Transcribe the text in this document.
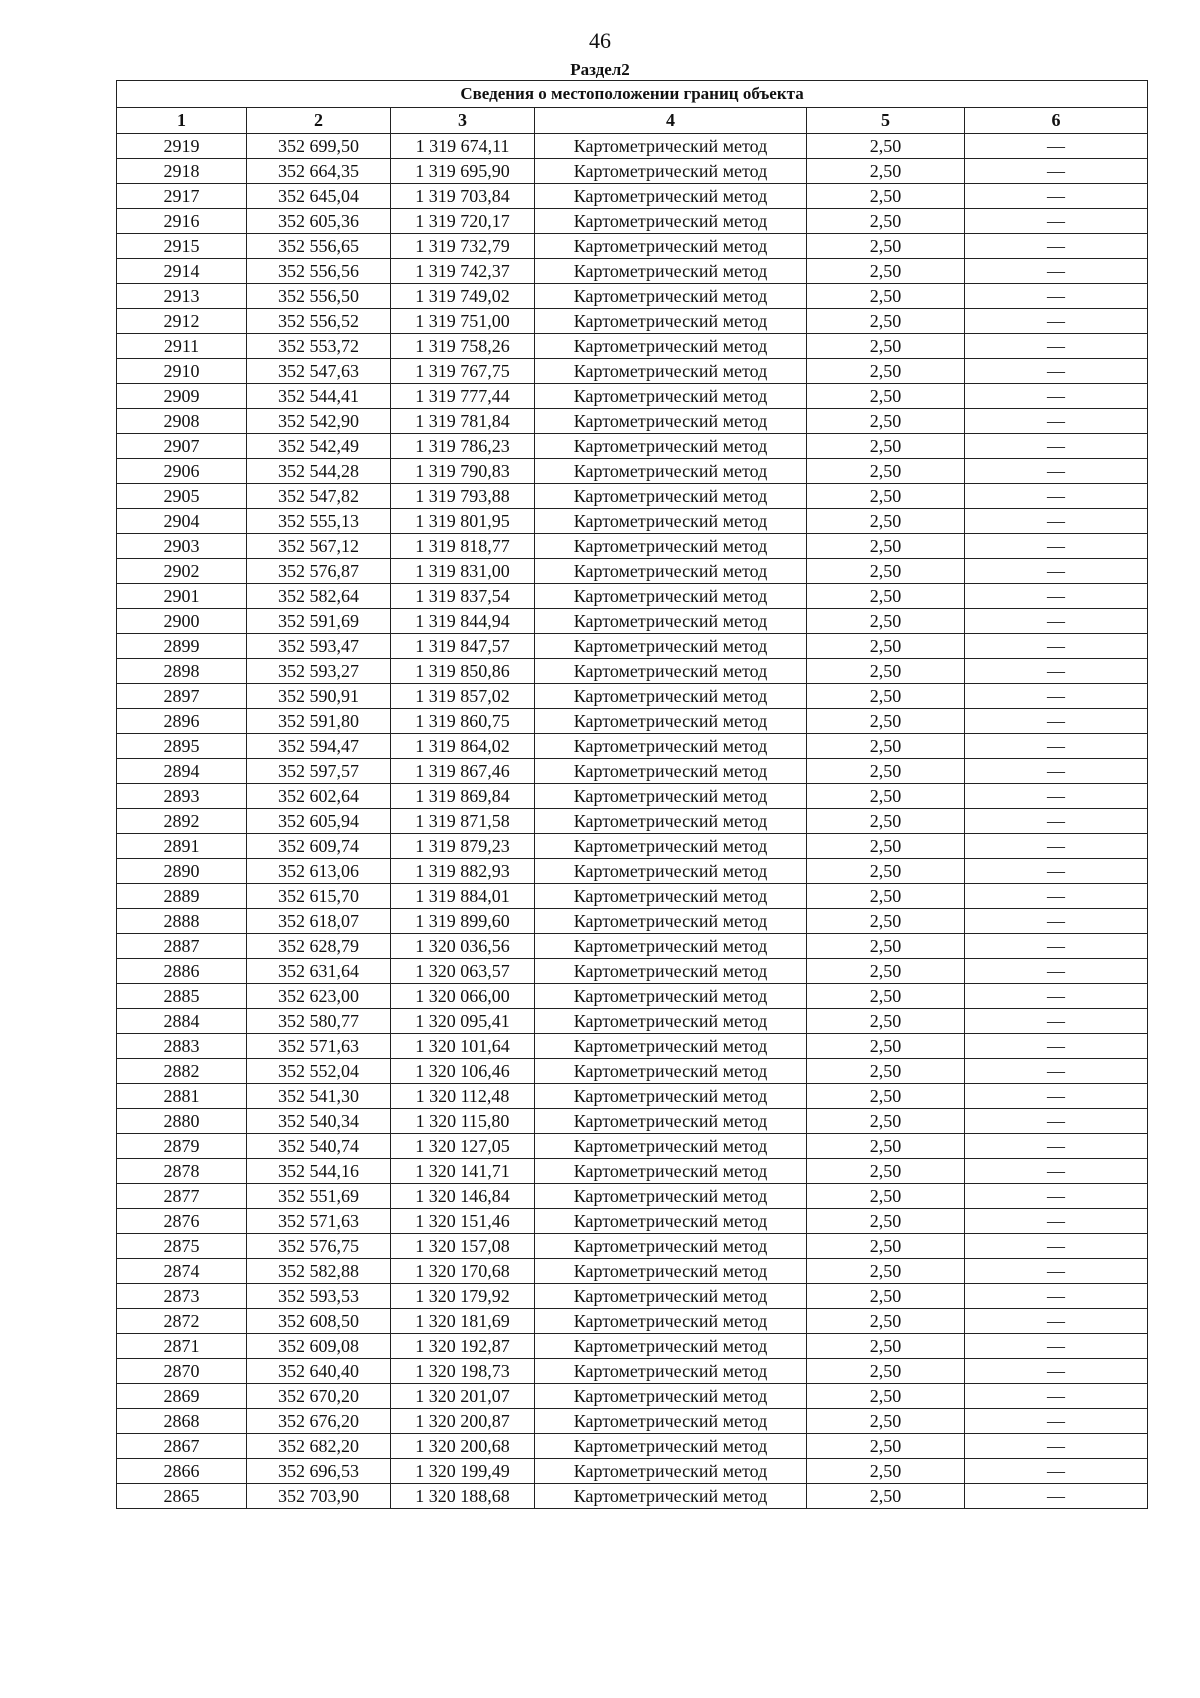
46
Раздел2
Сведения о местоположении границ объекта					
1	2	3	4	5	6
2919	352 699,50	1 319 674,11	Картометрический метод	2,50	—
2918	352 664,35	1 319 695,90	Картометрический метод	2,50	—
2917	352 645,04	1 319 703,84	Картометрический метод	2,50	—
2916	352 605,36	1 319 720,17	Картометрический метод	2,50	—
2915	352 556,65	1 319 732,79	Картометрический метод	2,50	—
2914	352 556,56	1 319 742,37	Картометрический метод	2,50	—
2913	352 556,50	1 319 749,02	Картометрический метод	2,50	—
2912	352 556,52	1 319 751,00	Картометрический метод	2,50	—
2911	352 553,72	1 319 758,26	Картометрический метод	2,50	—
2910	352 547,63	1 319 767,75	Картометрический метод	2,50	—
2909	352 544,41	1 319 777,44	Картометрический метод	2,50	—
2908	352 542,90	1 319 781,84	Картометрический метод	2,50	—
2907	352 542,49	1 319 786,23	Картометрический метод	2,50	—
2906	352 544,28	1 319 790,83	Картометрический метод	2,50	—
2905	352 547,82	1 319 793,88	Картометрический метод	2,50	—
2904	352 555,13	1 319 801,95	Картометрический метод	2,50	—
2903	352 567,12	1 319 818,77	Картометрический метод	2,50	—
2902	352 576,87	1 319 831,00	Картометрический метод	2,50	—
2901	352 582,64	1 319 837,54	Картометрический метод	2,50	—
2900	352 591,69	1 319 844,94	Картометрический метод	2,50	—
2899	352 593,47	1 319 847,57	Картометрический метод	2,50	—
2898	352 593,27	1 319 850,86	Картометрический метод	2,50	—
2897	352 590,91	1 319 857,02	Картометрический метод	2,50	—
2896	352 591,80	1 319 860,75	Картометрический метод	2,50	—
2895	352 594,47	1 319 864,02	Картометрический метод	2,50	—
2894	352 597,57	1 319 867,46	Картометрический метод	2,50	—
2893	352 602,64	1 319 869,84	Картометрический метод	2,50	—
2892	352 605,94	1 319 871,58	Картометрический метод	2,50	—
2891	352 609,74	1 319 879,23	Картометрический метод	2,50	—
2890	352 613,06	1 319 882,93	Картометрический метод	2,50	—
2889	352 615,70	1 319 884,01	Картометрический метод	2,50	—
2888	352 618,07	1 319 899,60	Картометрический метод	2,50	—
2887	352 628,79	1 320 036,56	Картометрический метод	2,50	—
2886	352 631,64	1 320 063,57	Картометрический метод	2,50	—
2885	352 623,00	1 320 066,00	Картометрический метод	2,50	—
2884	352 580,77	1 320 095,41	Картометрический метод	2,50	—
2883	352 571,63	1 320 101,64	Картометрический метод	2,50	—
2882	352 552,04	1 320 106,46	Картометрический метод	2,50	—
2881	352 541,30	1 320 112,48	Картометрический метод	2,50	—
2880	352 540,34	1 320 115,80	Картометрический метод	2,50	—
2879	352 540,74	1 320 127,05	Картометрический метод	2,50	—
2878	352 544,16	1 320 141,71	Картометрический метод	2,50	—
2877	352 551,69	1 320 146,84	Картометрический метод	2,50	—
2876	352 571,63	1 320 151,46	Картометрический метод	2,50	—
2875	352 576,75	1 320 157,08	Картометрический метод	2,50	—
2874	352 582,88	1 320 170,68	Картометрический метод	2,50	—
2873	352 593,53	1 320 179,92	Картометрический метод	2,50	—
2872	352 608,50	1 320 181,69	Картометрический метод	2,50	—
2871	352 609,08	1 320 192,87	Картометрический метод	2,50	—
2870	352 640,40	1 320 198,73	Картометрический метод	2,50	—
2869	352 670,20	1 320 201,07	Картометрический метод	2,50	—
2868	352 676,20	1 320 200,87	Картометрический метод	2,50	—
2867	352 682,20	1 320 200,68	Картометрический метод	2,50	—
2866	352 696,53	1 320 199,49	Картометрический метод	2,50	—
2865	352 703,90	1 320 188,68	Картометрический метод	2,50	—
